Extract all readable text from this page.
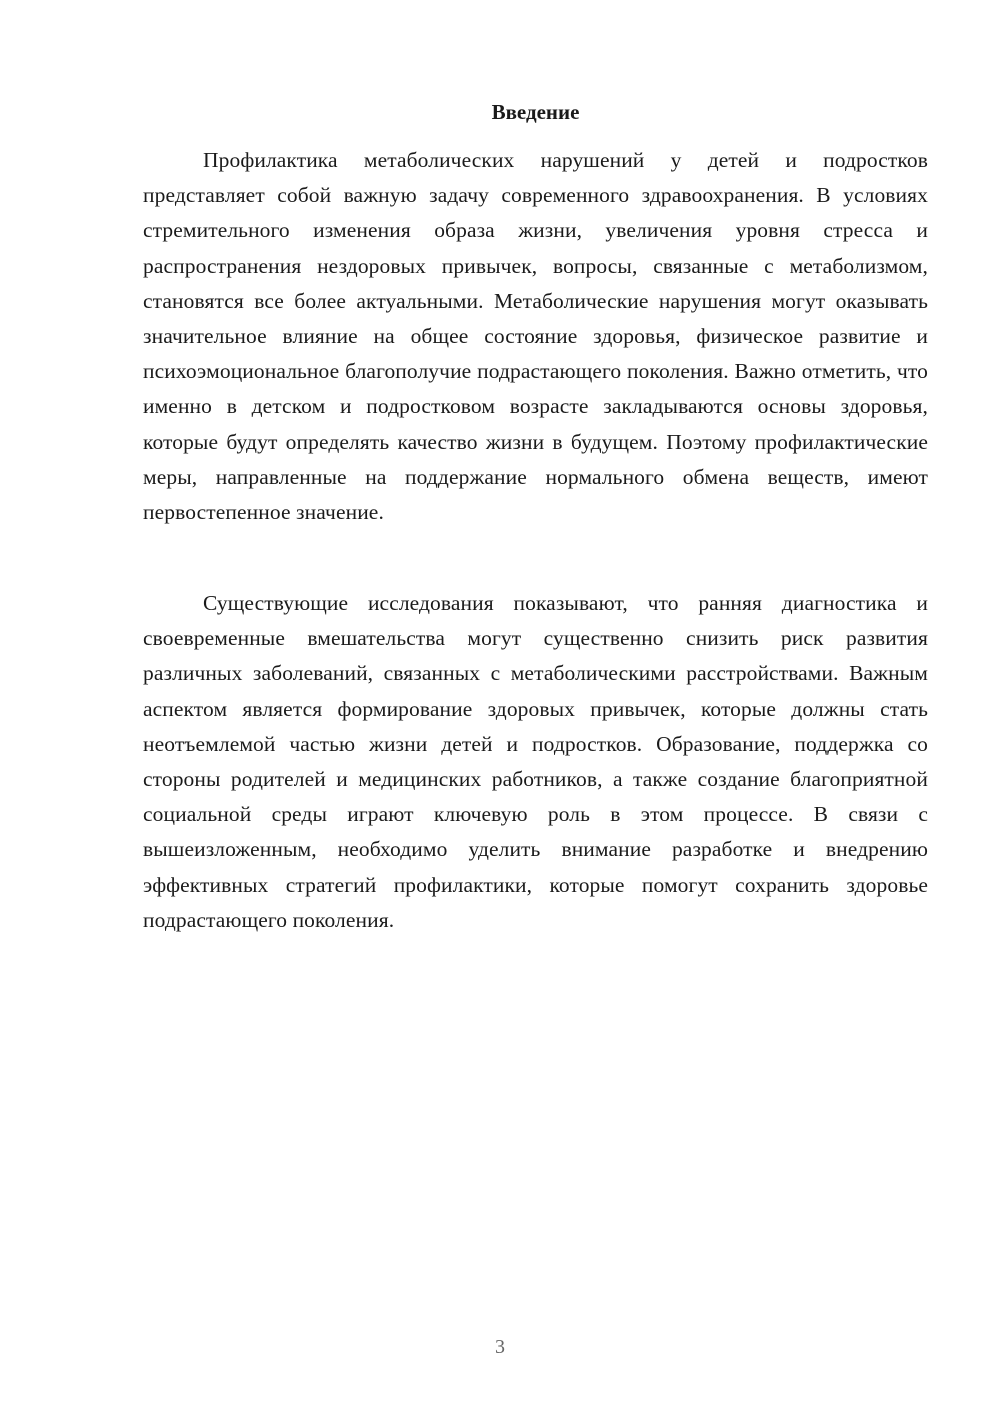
Введение

Профилактика метаболических нарушений у детей и подростков представляет собой важную задачу современного здравоохранения. В условиях стремительного изменения образа жизни, увеличения уровня стресса и распространения нездоровых привычек, вопросы, связанные с метаболизмом, становятся все более актуальными. Метаболические нарушения могут оказывать значительное влияние на общее состояние здоровья, физическое развитие и психоэмоциональное благополучие подрастающего поколения. Важно отметить, что именно в детском и подростковом возрасте закладываются основы здоровья, которые будут определять качество жизни в будущем. Поэтому профилактические меры, направленные на поддержание нормального обмена веществ, имеют первостепенное значение.

Существующие исследования показывают, что ранняя диагностика и своевременные вмешательства могут существенно снизить риск развития различных заболеваний, связанных с метаболическими расстройствами. Важным аспектом является формирование здоровых привычек, которые должны стать неотъемлемой частью жизни детей и подростков. Образование, поддержка со стороны родителей и медицинских работников, а также создание благоприятной социальной среды играют ключевую роль в этом процессе. В связи с вышеизложенным, необходимо уделить внимание разработке и внедрению эффективных стратегий профилактики, которые помогут сохранить здоровье подрастающего поколения.

3
